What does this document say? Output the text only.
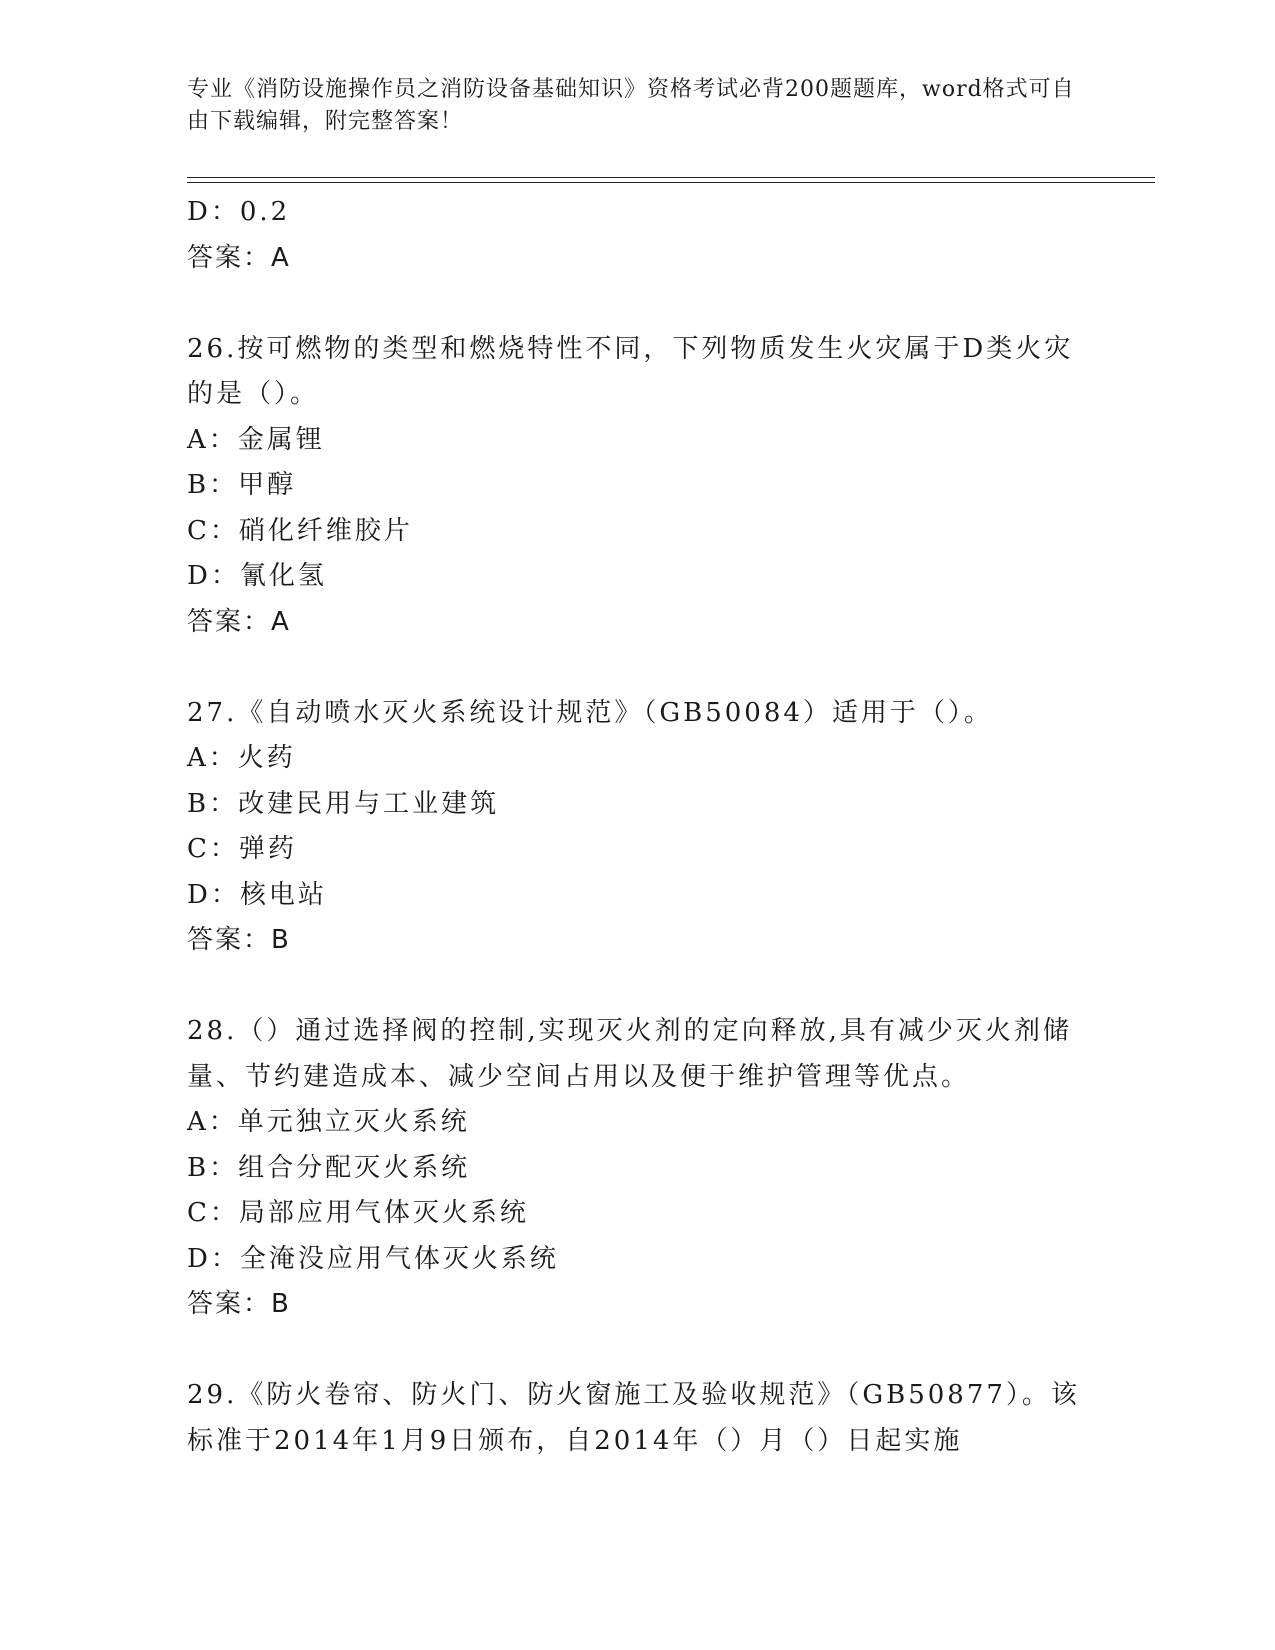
专业《消防设施操作员之消防设备基础知识》资格考试必背200题题库，word格式可自由下载编辑，附完整答案！
D：0.2
答案：A
26.按可燃物的类型和燃烧特性不同，下列物质发生火灾属于D类火灾的是（）。
A：金属锂
B：甲醇
C：硝化纤维胶片
D：氰化氢
答案：A
27.《自动喷水灭火系统设计规范》（GB50084）适用于（）。
A：火药
B：改建民用与工业建筑
C：弹药
D：核电站
答案：B
28.（）通过选择阀的控制,实现灭火剂的定向释放,具有减少灭火剂储量、节约建造成本、减少空间占用以及便于维护管理等优点。
A：单元独立灭火系统
B：组合分配灭火系统
C：局部应用气体灭火系统
D：全淹没应用气体灭火系统
答案：B
29.《防火卷帘、防火门、防火窗施工及验收规范》（GB50877）。该标准于2014年1月9日颁布，自2014年（）月（）日起实施
